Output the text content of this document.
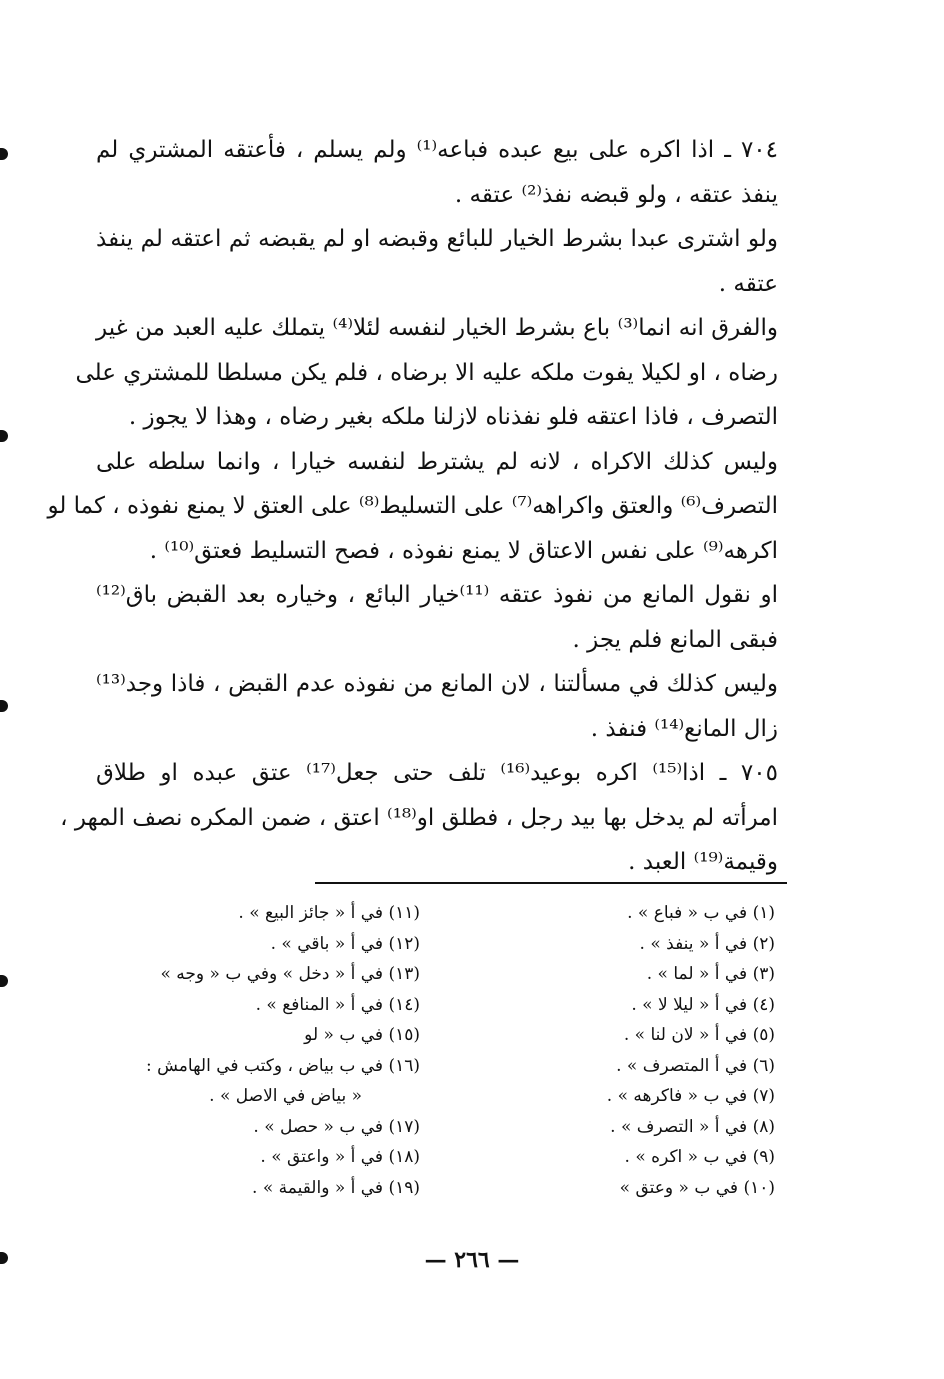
٧٠٤ ـ اذا اكره على بيع عبده فباعه⁽¹⁾ ولم يسلم ، فأعتقه المشتري لم
ينفذ عتقه ، ولو قبضه نفذ⁽²⁾ عتقه .

ولو اشترى عبدا بشرط الخيار للبائع وقبضه او لم يقبضه ثم اعتقه لم ينفذ
عتقه .

والفرق انه انما⁽³⁾ باع بشرط الخيار لنفسه لئلا⁽⁴⁾ يتملك عليه العبد من غير
رضاه ، او لكيلا يفوت ملكه عليه الا برضاه ، فلم يكن مسلطا للمشتري على
التصرف ، فاذا اعتقه فلو نفذناه لازلنا ملكه بغير رضاه ، وهذا لا يجوز .

وليس كذلك الاكراه ، لانه لم يشترط لنفسه خيارا ، وانما سلطه على
التصرف⁽⁶⁾ والعتق واكراهه⁽⁷⁾ على التسليط⁽⁸⁾ على العتق لا يمنع نفوذه ، كما لو
اكرهه⁽⁹⁾ على نفس الاعتاق لا يمنع نفوذه ، فصح التسليط فعتق⁽¹⁰⁾ .

او نقول المانع من نفوذ عتقه ⁽¹¹⁾خيار البائع ، وخياره بعد القبض باق⁽¹²⁾
فبقى المانع فلم يجز .

وليس كذلك في مسألتنا ، لان المانع من نفوذه عدم القبض ، فاذا وجد⁽¹³⁾
زال المانع⁽¹⁴⁾ فنفذ .

٧٠٥ ـ اذا⁽¹⁵⁾ اكره بوعيد⁽¹⁶⁾ تلف حتى جعل⁽¹⁷⁾ عتق عبده او طلاق
امرأته لم يدخل بها بيد رجل ، فطلق او⁽¹⁸⁾ اعتق ، ضمن المكره نصف المهر ،
وقيمة⁽¹⁹⁾ العبد .

(١) في ب « فباع » .
(٢) في أ « ينفذ » .
(٣) في أ « لما » .
(٤) في أ « ليلا لا » .
(٥) في أ « لان لنا » .
(٦) في أ المتصرف » .
(٧) في ب « فاكرهه » .
(٨) في أ « التصرف » .
(٩) في ب « اكره » .
(١٠) في ب « وعتق »
(١١) في أ « جائز البيع » .
(١٢) في أ « باقي » .
(١٣) في أ « دخل » وفي ب « وجه »
(١٤) في أ « المنافع » .
(١٥) في ب « لو
(١٦) في ب بياض ، وكتب في الهامش :
« بياض في الاصل » .
(١٧) في ب « حصل » .
(١٨) في أ « واعتق » .
(١٩) في أ « والقيمة » .
— ٢٦٦ —
